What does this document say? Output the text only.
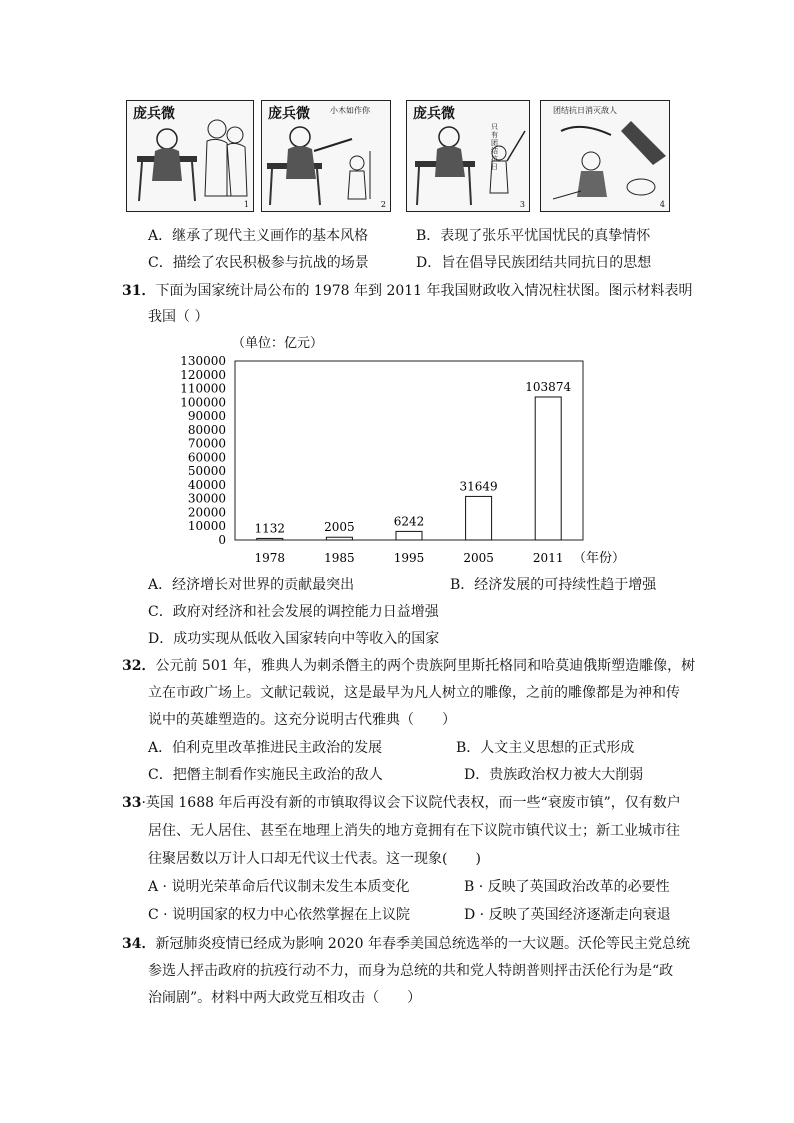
庞兵微
1
庞兵微	小木如作你
2
庞兵微
只有团结抗日
3
团结抗日消灭敌人
4
A．继承了现代主义画作的基本风格	B．表现了张乐平忧国忧民的真挚情怀
C．描绘了农民积极参与抗战的场景	D．旨在倡导民族团结共同抗日的思想
31．下面为国家统计局公布的 1978 年到 2011 年我国财政收入情况柱状图。图示材料表明
我国（ ）
（单位：亿元）
130000
120000
110000
100000
90000
80000
70000
60000
50000
40000
30000
20000
10000
0
1132	2005	6242
31649
103874
1978	1985	1995	2005	2011 （年份）
A．经济增长对世界的贡献最突出	B．经济发展的可持续性趋于增强
C．政府对经济和社会发展的调控能力日益增强
D．成功实现从低收入国家转向中等收入的国家
32．公元前 501 年，雅典人为刺杀僭主的两个贵族阿里斯托格同和哈莫迪俄斯塑造雕像，树
立在市政广场上。文献记载说，这是最早为凡人树立的雕像，之前的雕像都是为神和传
说中的英雄塑造的。这充分说明古代雅典（　　）
A．伯利克里改革推进民主政治的发展	B．人文主义思想的正式形成
C．把僭主制看作实施民主政治的敌人	D．贵族政治权力被大大削弱
33·英国 1688 年后再没有新的市镇取得议会下议院代表权，而一些“衰废市镇”，仅有数户
居住、无人居住、甚至在地理上消失的地方竟拥有在下议院市镇代议士；新工业城市往
往聚居数以万计人口却无代议士代表。这一现象(　　)
A · 说明光荣革命后代议制未发生本质变化	B · 反映了英国政治改革的必要性
C · 说明国家的权力中心依然掌握在上议院	D · 反映了英国经济逐渐走向衰退
34．新冠肺炎疫情已经成为影响 2020 年春季美国总统选举的一大议题。沃伦等民主党总统
参选人抨击政府的抗疫行动不力，而身为总统的共和党人特朗普则抨击沃伦行为是“政
治闹剧”。材料中两大政党互相攻击（　　）
